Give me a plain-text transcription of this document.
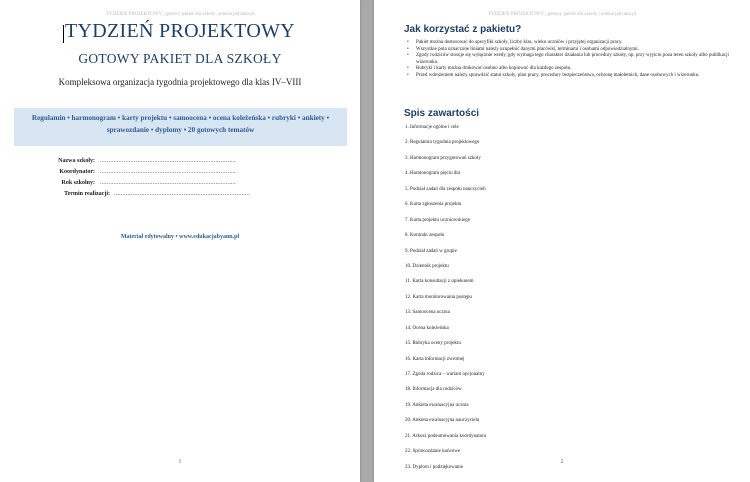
TYDZIEŃ PROJEKTOWY | gotowy pakiet dla szkoły | edukacjabyann.pl
TYDZIEŃ PROJEKTOWY
GOTOWY PAKIET DLA SZKOŁY
Kompleksowa organizacja tygodnia projektowego dla klas IV–VIII
Regulamin • harmonogram • karty projektu • samoocena • ocena koleżeńska • rubryki • ankiety • sprawozdanie • dyplomy • 20 gotowych tematów
Nazwa szkoły: ................................................................................
Koordynator: ................................................................................
Rok szkolny: ................................................................................
Termin realizacji: ................................................................................
Materiał edytowalny • www.edukacjabyann.pl
1
TYDZIEŃ PROJEKTOWY | gotowy pakiet dla szkoły | edukacjabyann.pl
Jak korzystać z pakietu?
• Pakiet można dostosować do specyfiki szkoły, liczby klas, wieku uczniów i przyjętej organizacji pracy.
• Wszystkie pola oznaczone liniami należy uzupełnić danymi placówki, terminami i osobami odpowiedzialnymi.
• Zgody rodziców stosuje się wyłącznie wtedy, gdy wymaga tego charakter działania lub procedury szkoły, np. przy wyjściu poza teren szkoły albo publikacji wizerunku.
• Rubryki i karty można drukować osobno albo kopiować dla każdego zespołu.
• Przed wdrożeniem należy sprawdzić statut szkoły, plan pracy, procedury bezpieczeństwa, ochronę małoletnich, dane osobowych i wizerunku.
Spis zawartości
1. Informacje ogólne i cele
2. Regulamin tygodnia projektowego
3. Harmonogram przygotowań szkoły
4. Harmonogram pięciu dni
5. Podział zadań dla zespołu nauczycieli
6. Karta zgłoszenia projektu
7. Karta projektu uczniowskiego
8. Kontrakt zespołu
9. Podział zadań w grupie
10. Dziennik projektu
11. Karta konsultacji z opiekunem
12. Karta monitorowania postępu
13. Samoocena ucznia
14. Ocena koleżeńska
15. Rubryka oceny projektu
16. Karta informacji zwrotnej
17. Zgoda rodzica – wariant opcjonalny
18. Informacja dla rodziców
19. Ankieta ewaluacyjna ucznia
20. Ankieta ewaluacyjna nauczyciela
21. Arkusz podsumowania koordynatora
22. Sprawozdanie końcowe
23. Dyplom i podziękowanie
2
